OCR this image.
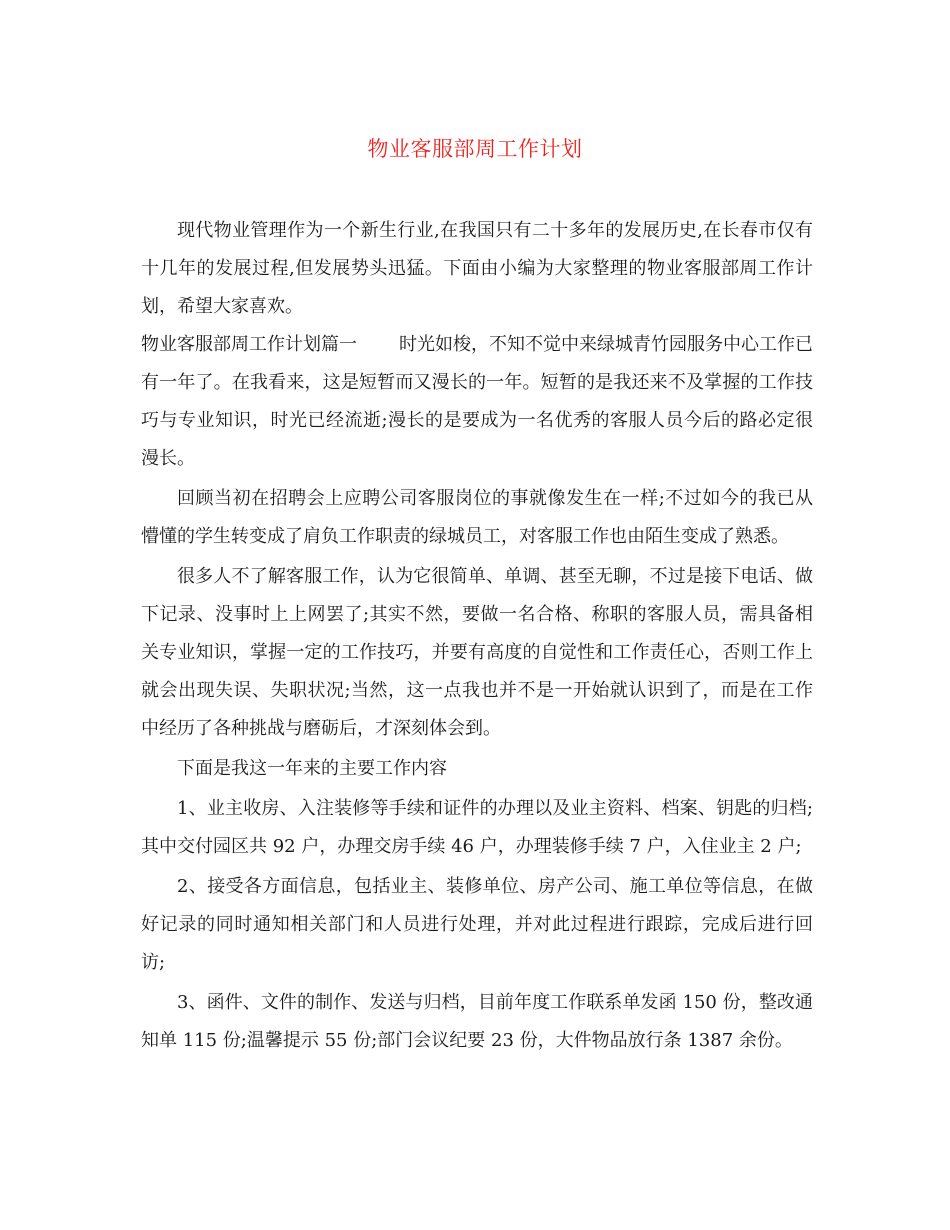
物业客服部周工作计划

现代物业管理作为一个新生行业,在我国只有二十多年的发展历史,在长春市仅有十几年的发展过程,但发展势头迅猛。下面由小编为大家整理的物业客服部周工作计划，希望大家喜欢。

物业客服部周工作计划篇一 时光如梭，不知不觉中来绿城青竹园服务中心工作已有一年了。在我看来，这是短暂而又漫长的一年。短暂的是我还来不及掌握的工作技巧与专业知识，时光已经流逝;漫长的是要成为一名优秀的客服人员今后的路必定很漫长。

回顾当初在招聘会上应聘公司客服岗位的事就像发生在一样;不过如今的我已从懵懂的学生转变成了肩负工作职责的绿城员工，对客服工作也由陌生变成了熟悉。

很多人不了解客服工作，认为它很简单、单调、甚至无聊，不过是接下电话、做下记录、没事时上上网罢了;其实不然，要做一名合格、称职的客服人员，需具备相关专业知识，掌握一定的工作技巧，并要有高度的自觉性和工作责任心，否则工作上就会出现失误、失职状况;当然，这一点我也并不是一开始就认识到了，而是在工作中经历了各种挑战与磨砺后，才深刻体会到。

下面是我这一年来的主要工作内容

1、业主收房、入注装修等手续和证件的办理以及业主资料、档案、钥匙的归档;其中交付园区共 92 户，办理交房手续 46 户，办理装修手续 7 户，入住业主 2 户;

2、接受各方面信息，包括业主、装修单位、房产公司、施工单位等信息，在做好记录的同时通知相关部门和人员进行处理，并对此过程进行跟踪，完成后进行回访;

3、函件、文件的制作、发送与归档，目前年度工作联系单发函 150 份，整改通知单 115 份;温馨提示 55 份;部门会议纪要 23 份，大件物品放行条 1387 余份。
